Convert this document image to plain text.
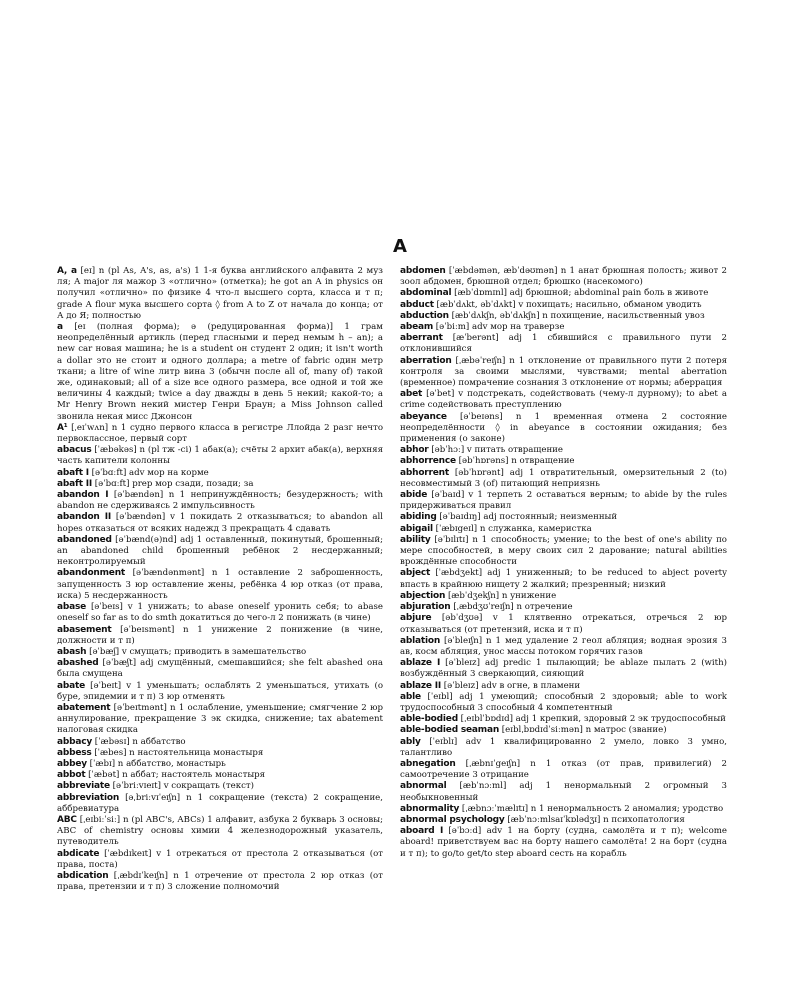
A

A, a [eɪ] n (pl As, A's, as, a's) 1 1-я буква английского алфавита 2 муз ля; A major ля мажор 3 «отлично» (отметка); he got an A in physics он получил «отлично» по физике 4 что-л высшего сорта, класса и т п; grade A flour мука высшего сорта ◊ from A to Z от начала до конца; от А до Я; полностью

a [eɪ (полная форма); ə (редуцированная форма)] 1 грам неопределённый артикль (перед гласными и перед немым h – an); a new car новая машина; he is a student он студент 2 один; it isn't worth a dollar это не стоит и одного доллара; a metre of fabric один метр ткани; a litre of wine литр вина 3 (обычн после all of, many of) такой же, одинаковый; all of a size все одного размера, все одной и той же величины 4 каждый; twice a day дважды в день 5 некий; какой-то; a Mr Henry Brown некий мистер Генри Браун; a Miss Johnson called звонила некая мисс Джонсон

A¹ [ˌeɪˈwʌn] n 1 судно первого класса в регистре Ллойда 2 разг нечто первоклассное, первый сорт

abacus [ˈæbəkəs] n (pl тж -ci) 1 абак(а); счёты 2 архит абак(а), верхняя часть капители колонны

abaft I [əˈbɑːft] adv мор на корме

abaft II [əˈbɑːft] prep мор сзади, позади; за

abandon I [əˈbændən] n 1 непринуждённость; безудержность; with abandon не сдерживаясь 2 импульсивность

abandon II [əˈbændən] v 1 покидать 2 отказываться; to abandon all hopes отказаться от всяких надежд 3 прекращать 4 сдавать

abandoned [əˈbænd(ə)nd] adj 1 оставленный, покинутый, брошенный; an abandoned child брошенный ребёнок 2 несдержанный; неконтролируемый

abandonment [əˈbændənmənt] n 1 оставление 2 заброшенность, запущенность 3 юр оставление жены, ребёнка 4 юр отказ (от права, иска) 5 несдержанность

abase [əˈbeɪs] v 1 унижать; to abase oneself уронить себя; to abase oneself so far as to do smth докатиться до чего-л 2 понижать (в чине)

abasement [əˈbeɪsmənt] n 1 унижение 2 понижение (в чине, должности и т п)

abash [əˈbæʃ] v смущать; приводить в замешательство

abashed [əˈbæʃt] adj смущённый, смешавшийся; she felt abashed она была смущена

abate [əˈbeɪt] v 1 уменьшать; ослаблять 2 уменьшаться, утихать (о буре, эпидемии и т п) 3 юр отменять

abatement [əˈbeɪtmənt] n 1 ослабление, уменьшение; смягчение 2 юр аннулирование, прекращение 3 эк скидка, снижение; tax abatement налоговая скидка

abbacy [ˈæbəsɪ] n аббатство

abbess [ˈæbes] n настоятельница монастыря

abbey [ˈæbɪ] n аббатство, монастырь

abbot [ˈæbət] n аббат; настоятель монастыря

abbreviate [əˈbriːvɪeɪt] v сокращать (текст)

abbreviation [əˌbriːvɪˈeɪʃn] n 1 сокращение (текста) 2 сокращение, аббревиатура

ABC [ˌeɪbiːˈsiː] n (pl ABC's, ABCs) 1 алфавит, азбука 2 букварь 3 основы; ABC of chemistry основы химии 4 железнодорожный указатель, путеводитель

abdicate [ˈæbdɪkeɪt] v 1 отрекаться от престола 2 отказываться (от права, поста)

abdication [ˌæbdɪˈkeɪʃn] n 1 отречение от престола 2 юр отказ (от права, претензии и т п) 3 сложение полномочий

abdomen [ˈæbdəmən, æbˈdəʊmən] n 1 анат брюшная полость; живот 2 зоол абдомен, брюшной отдел; брюшко (насекомого)

abdominal [æbˈdɒmɪnl] adj брюшной; abdominal pain боль в животе

abduct [æbˈdʌkt, əbˈdʌkt] v похищать; насильно, обманом уводить

abduction [æbˈdʌkʃn, əbˈdʌkʃn] n похищение, насильственный увоз

abeam [əˈbiːm] adv мор на траверзе

aberrant [æˈberənt] adj 1 сбившийся с правильного пути 2 отклонившийся

aberration [ˌæbəˈreɪʃn] n 1 отклонение от правильного пути 2 потеря контроля за своими мыслями, чувствами; mental aberration (временное) помрачение сознания 3 отклонение от нормы; аберрация

abet [əˈbet] v подстрекать, содействовать (чему-л дурному); to abet a crime содействовать преступлению

abeyance [əˈbeɪəns] n 1 временная отмена 2 состояние неопределённости ◊ in abeyance в состоянии ожидания; без применения (о законе)

abhor [əbˈhɔː] v питать отвращение

abhorrence [əbˈhɒrəns] n отвращение

abhorrent [əbˈhɒrənt] adj 1 отвратительный, омерзительный 2 (to) несовместимый 3 (of) питающий неприязнь

abide [əˈbaɪd] v 1 терпеть 2 оставаться верным; to abide by the rules придерживаться правил

abiding [əˈbaɪdɪŋ] adj постоянный; неизменный

abigail [ˈæbɪgeɪl] n служанка, камеристка

ability [əˈbɪlɪtɪ] n 1 способность; умение; to the best of one's ability по мере способностей, в меру своих сил 2 дарование; natural abilities врождённые способности

abject [ˈæbdʒekt] adj 1 униженный; to be reduced to abject poverty впасть в крайнюю нищету 2 жалкий; презренный; низкий

abjection [æbˈdʒekʃn] n унижение

abjuration [ˌæbdʒʊˈreɪʃn] n отречение

abjure [əbˈdʒʊə] v 1 клятвенно отрекаться, отречься 2 юр отказываться (от претензий, иска и т п)

ablation [əˈbleɪʃn] n 1 мед удаление 2 геол абляция; водная эрозия 3 ав, косм абляция, унос массы потоком горячих газов

ablaze I [əˈbleɪz] adj predic 1 пылающий; be ablaze пылать 2 (with) возбуждённый 3 сверкающий, сияющий

ablaze II [əˈbleɪz] adv в огне, в пламени

able [ˈeɪbl] adj 1 умеющий; способный 2 здоровый; able to work трудоспособный 3 способный 4 компетентный

able-bodied [ˌeɪblˈbɒdɪd] adj 1 крепкий, здоровый 2 эк трудоспособный

able-bodied seaman [eɪblˌbɒdɪdˈsiːmən] n матрос (звание)

ably [ˈeɪblɪ] adv 1 квалифицированно 2 умело, ловко 3 умно, талантливо

abnegation [ˌæbnɪˈgeɪʃn] n 1 отказ (от прав, привилегий) 2 самоотречение 3 отрицание

abnormal [æbˈnɔːml] adj 1 ненормальный 2 огромный 3 необыкновенный

abnormality [ˌæbnɔːˈmælɪtɪ] n 1 ненормальность 2 аномалия; уродство

abnormal psychology [æbˈnɔːmlsaɪˈkɒlədʒɪ] n психопатология

aboard I [əˈbɔːd] adv 1 на борту (судна, самолёта и т п); welcome aboard! приветствуем вас на борту нашего самолёта! 2 на борт (судна и т п); to go/to get/to step aboard сесть на корабль
